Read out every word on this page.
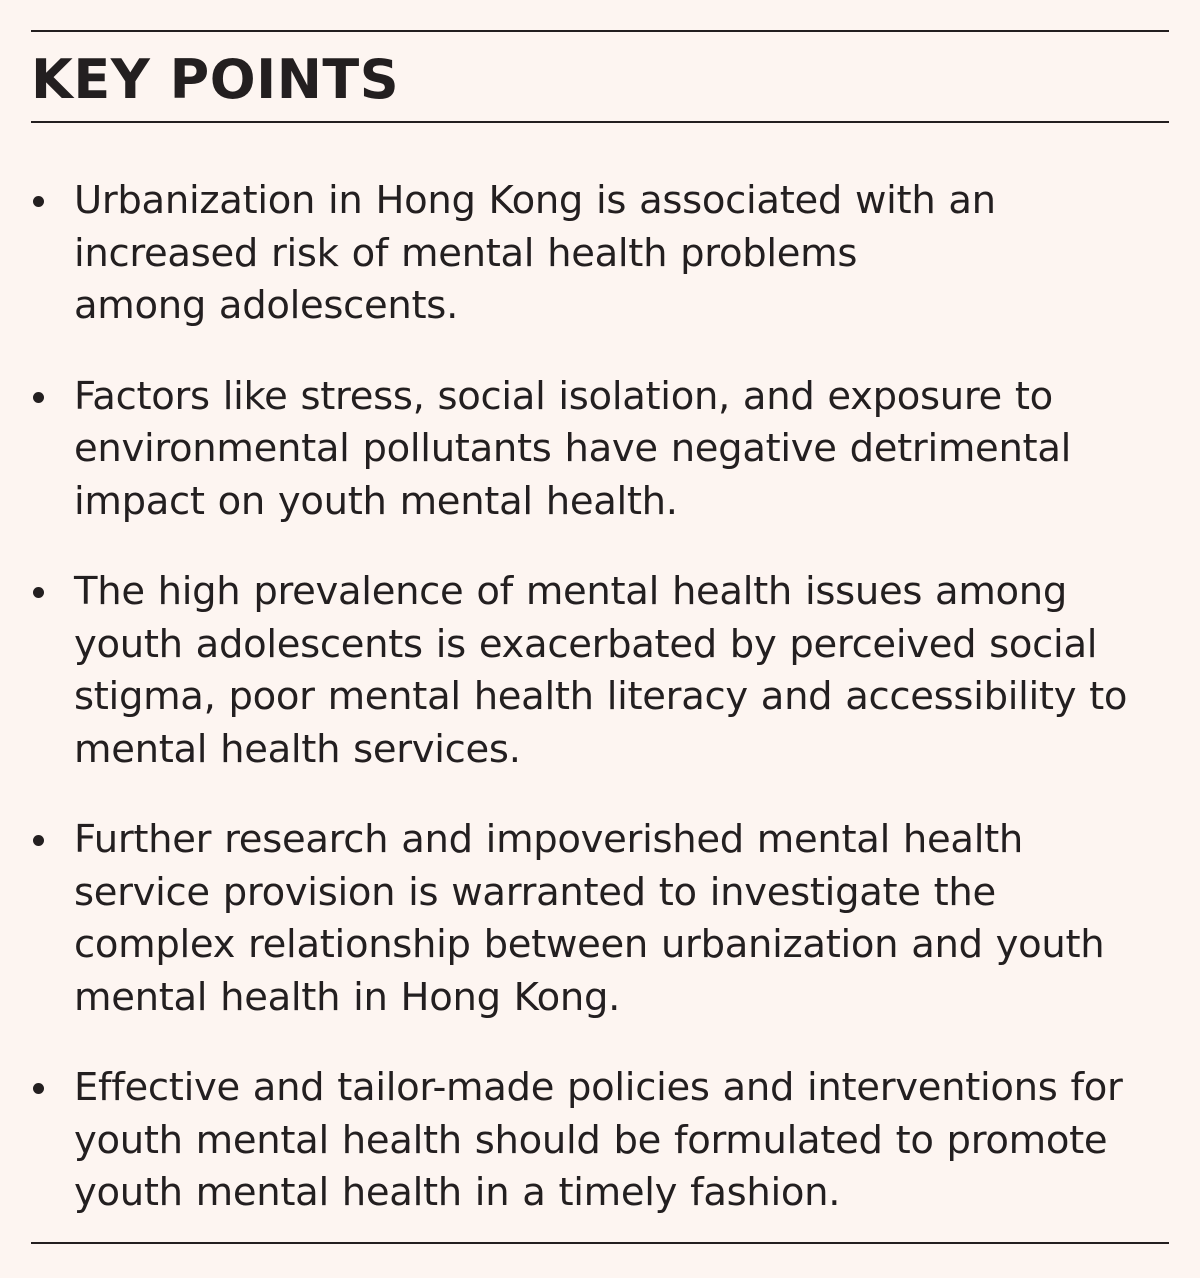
KEY POINTS
Urbanization in Hong Kong is associated with an
increased risk of mental health problems
among adolescents.
Factors like stress, social isolation, and exposure to
environmental pollutants have negative detrimental
impact on youth mental health.
The high prevalence of mental health issues among
youth adolescents is exacerbated by perceived social
stigma, poor mental health literacy and accessibility to
mental health services.
Further research and impoverished mental health
service provision is warranted to investigate the
complex relationship between urbanization and youth
mental health in Hong Kong.
Effective and tailor-made policies and interventions for
youth mental health should be formulated to promote
youth mental health in a timely fashion.
